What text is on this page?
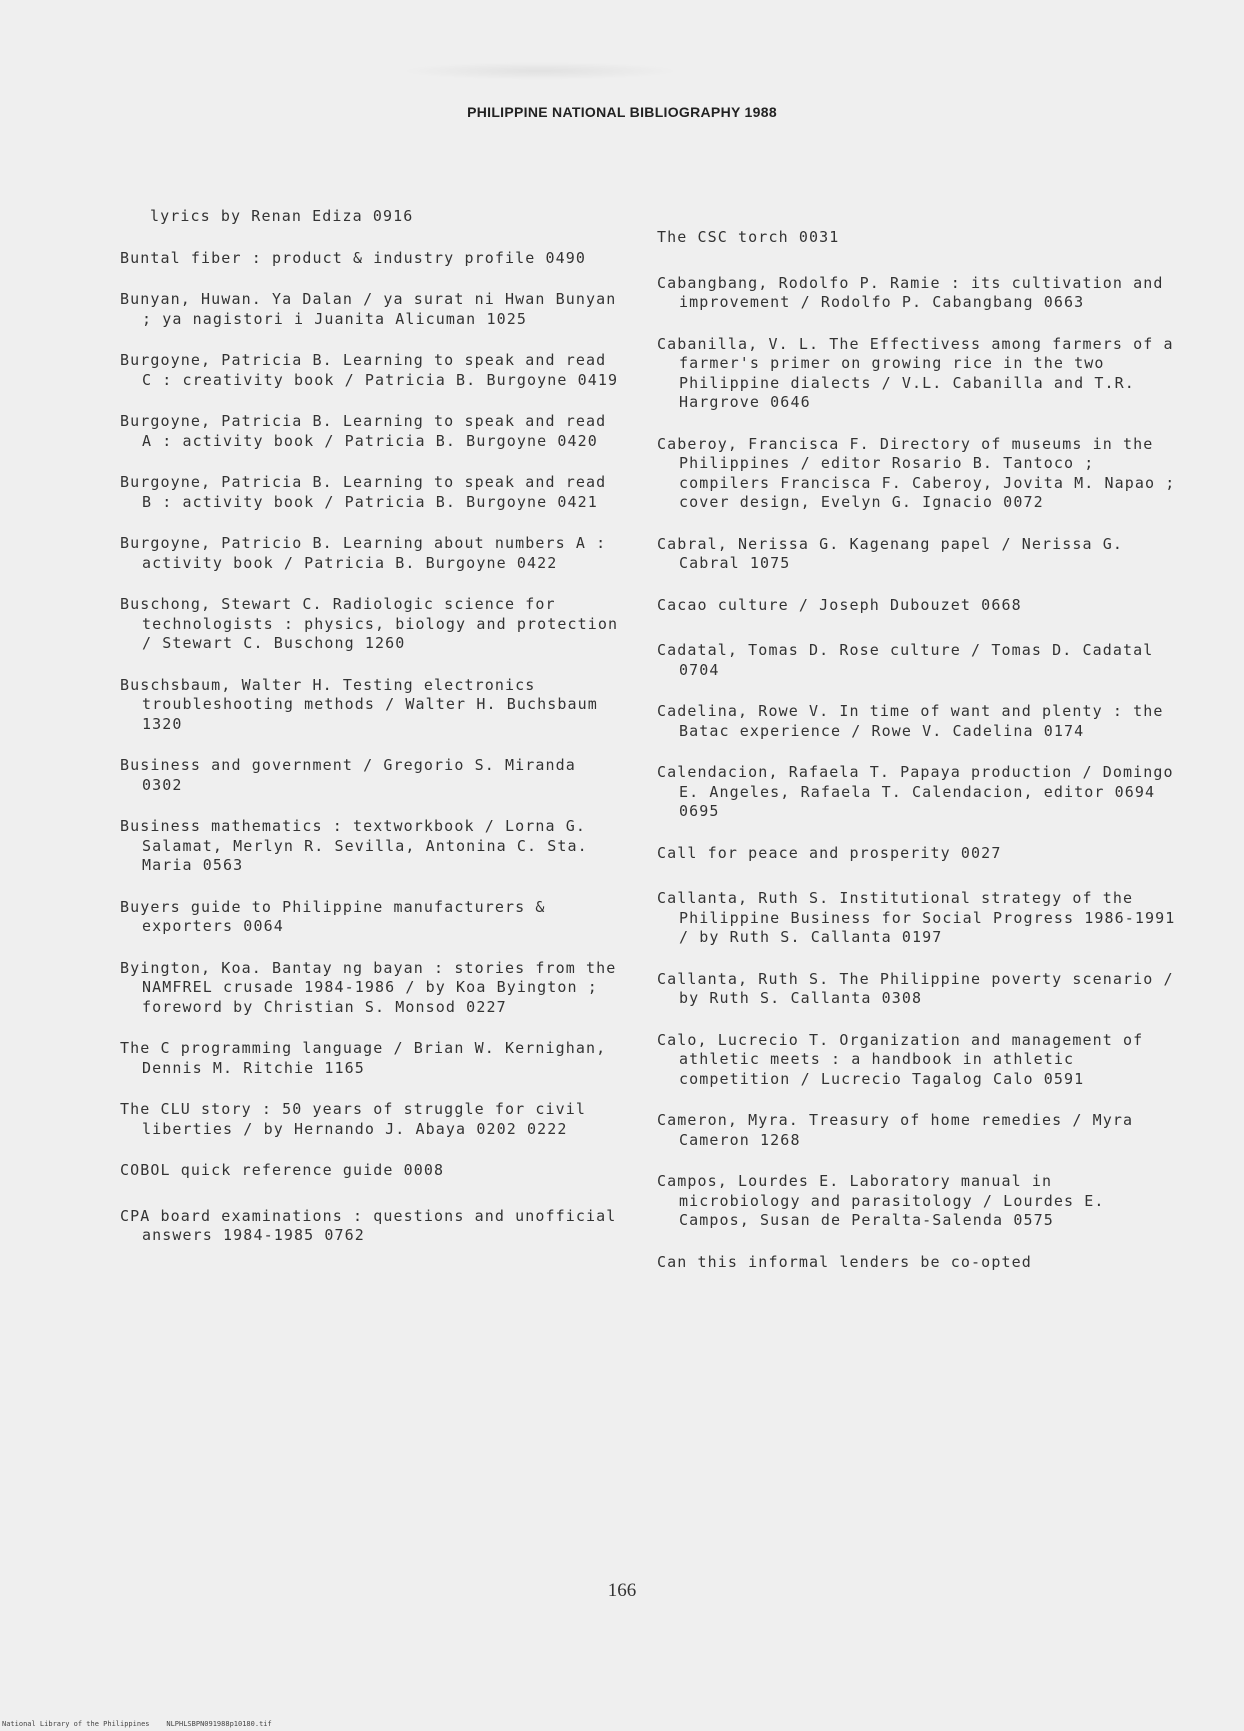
PHILIPPINE NATIONAL BIBLIOGRAPHY 1988

lyrics by Renan Ediza 0916

Buntal fiber : product & industry profile 0490

Bunyan, Huwan. Ya Dalan / ya surat ni Hwan Bunyan ; ya nagistori i Juanita Alicuman 1025

Burgoyne, Patricia B. Learning to speak and read C : creativity book / Patricia B. Burgoyne 0419

Burgoyne, Patricia B. Learning to speak and read A : activity book / Patricia B. Burgoyne 0420

Burgoyne, Patricia B. Learning to speak and read B : activity book / Patricia B. Burgoyne 0421

Burgoyne, Patricio B. Learning about numbers A : activity book / Patricia B. Burgoyne 0422

Buschong, Stewart C. Radiologic science for technologists : physics, biology and protection / Stewart C. Buschong 1260

Buschsbaum, Walter H. Testing electronics troubleshooting methods / Walter H. Buchsbaum 1320

Business and government / Gregorio S. Miranda 0302

Business mathematics : textworkbook / Lorna G. Salamat, Merlyn R. Sevilla, Antonina C. Sta. Maria 0563

Buyers guide to Philippine manufacturers & exporters 0064

Byington, Koa. Bantay ng bayan : stories from the NAMFREL crusade 1984-1986 / by Koa Byington ; foreword by Christian S. Monsod 0227

The C programming language / Brian W. Kernighan, Dennis M. Ritchie 1165

The CLU story : 50 years of struggle for civil liberties / by Hernando J. Abaya 0202 0222

COBOL quick reference guide 0008

CPA board examinations : questions and unofficial answers 1984-1985 0762

The CSC torch 0031

Cabangbang, Rodolfo P. Ramie : its cultivation and improvement / Rodolfo P. Cabangbang 0663

Cabanilla, V. L. The Effectivess among farmers of a farmer's primer on growing rice in the two Philippine dialects / V.L. Cabanilla and T.R. Hargrove 0646

Caberoy, Francisca F. Directory of museums in the Philippines / editor Rosario B. Tantoco ; compilers Francisca F. Caberoy, Jovita M. Napao ; cover design, Evelyn G. Ignacio 0072

Cabral, Nerissa G. Kagenang papel / Nerissa G. Cabral 1075

Cacao culture / Joseph Dubouzet 0668

Cadatal, Tomas D. Rose culture / Tomas D. Cadatal 0704

Cadelina, Rowe V. In time of want and plenty : the Batac experience / Rowe V. Cadelina 0174

Calendacion, Rafaela T. Papaya production / Domingo E. Angeles, Rafaela T. Calendacion, editor 0694 0695

Call for peace and prosperity 0027

Callanta, Ruth S. Institutional strategy of the Philippine Business for Social Progress 1986-1991 / by Ruth S. Callanta 0197

Callanta, Ruth S. The Philippine poverty scenario / by Ruth S. Callanta 0308

Calo, Lucrecio T. Organization and management of athletic meets : a handbook in athletic competition / Lucrecio Tagalog Calo 0591

Cameron, Myra. Treasury of home remedies / Myra Cameron 1268

Campos, Lourdes E. Laboratory manual in microbiology and parasitology / Lourdes E. Campos, Susan de Peralta-Salenda 0575

Can this informal lenders be co-opted

166
National Library of the Philippines    NLPHLSBPN091988p10180.tif
